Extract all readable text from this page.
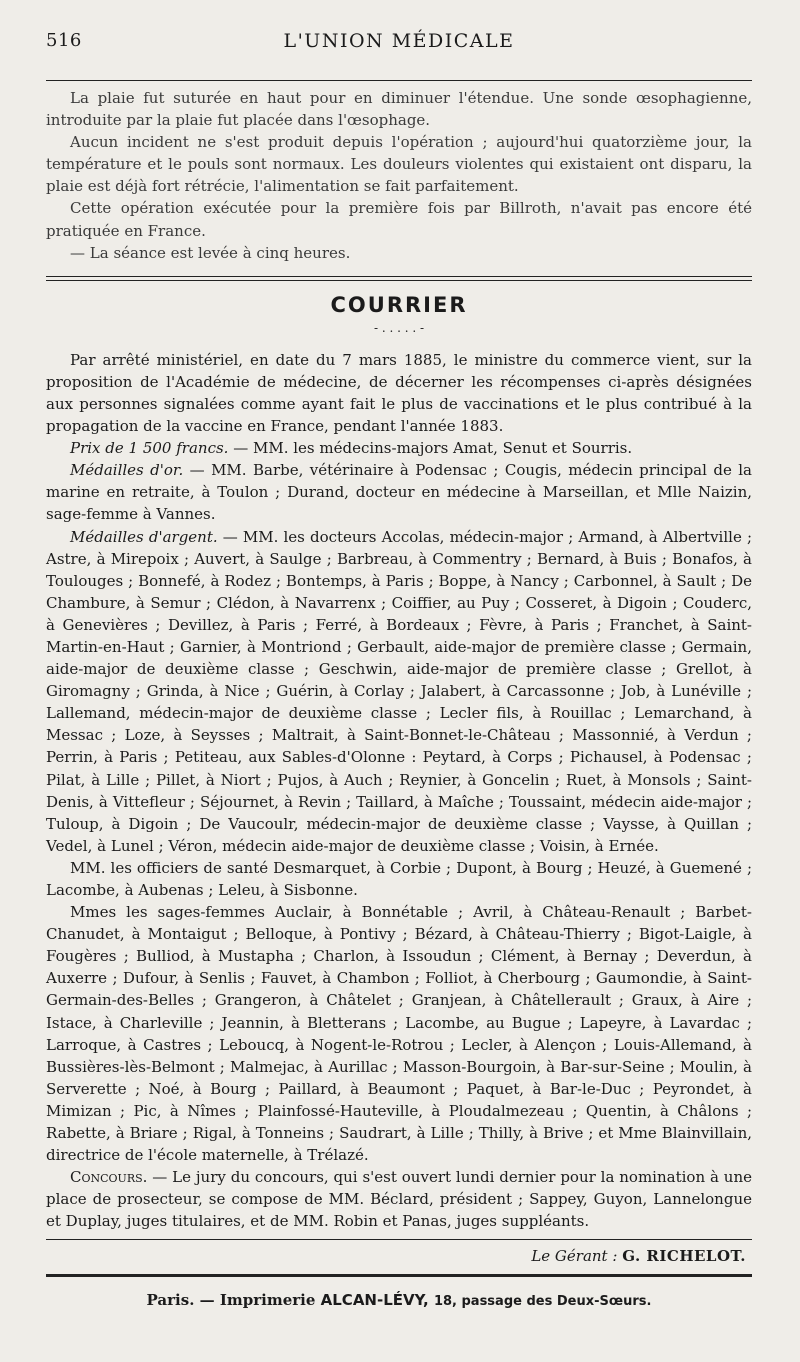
516	L'UNION MÉDICALE

La plaie fut suturée en haut pour en diminuer l'étendue. Une sonde œsophagienne, introduite par la plaie fut placée dans l'œsophage.

Aucun incident ne s'est produit depuis l'opération ; aujourd'hui quatorzième jour, la température et le pouls sont normaux. Les douleurs violentes qui existaient ont disparu, la plaie est déjà fort rétrécie, l'alimentation se fait parfaitement.

Cette opération exécutée pour la première fois par Billroth, n'avait pas encore été pratiquée en France.

— La séance est levée à cinq heures.

COURRIER
- . . . . . -

Par arrêté ministériel, en date du 7 mars 1885, le ministre du commerce vient, sur la proposition de l'Académie de médecine, de décerner les récompenses ci-après désignées aux personnes signalées comme ayant fait le plus de vaccinations et le plus contribué à la propagation de la vaccine en France, pendant l'année 1883.

Prix de 1 500 francs. — MM. les médecins-majors Amat, Senut et Sourris.

Médailles d'or. — MM. Barbe, vétérinaire à Podensac ; Cougis, médecin principal de la marine en retraite, à Toulon ; Durand, docteur en médecine à Marseillan, et Mlle Naizin, sage-femme à Vannes.

Médailles d'argent. — MM. les docteurs Accolas, médecin-major ; Armand, à Albertville ; Astre, à Mirepoix ; Auvert, à Saulge ; Barbreau, à Commentry ; Bernard, à Buis ; Bonafos, à Toulouges ; Bonnefé, à Rodez ; Bontemps, à Paris ; Boppe, à Nancy ; Carbonnel, à Sault ; De Chambure, à Semur ; Clédon, à Navarrenx ; Coiffier, au Puy ; Cosseret, à Digoin ; Couderc, à Genevières ; Devillez, à Paris ; Ferré, à Bordeaux ; Fèvre, à Paris ; Franchet, à Saint-Martin-en-Haut ; Garnier, à Montriond ; Gerbault, aide-major de première classe ; Germain, aide-major de deuxième classe ; Geschwin, aide-major de première classe ; Grellot, à Giromagny ; Grinda, à Nice ; Guérin, à Corlay ; Jalabert, à Carcassonne ; Job, à Lunéville ; Lallemand, médecin-major de deuxième classe ; Lecler fils, à Rouillac ; Lemarchand, à Messac ; Loze, à Seysses ; Maltrait, à Saint-Bonnet-le-Château ; Massonnié, à Verdun ; Perrin, à Paris ; Petiteau, aux Sables-d'Olonne : Peytard, à Corps ; Pichausel, à Podensac ; Pilat, à Lille ; Pillet, à Niort ; Pujos, à Auch ; Reynier, à Goncelin ; Ruet, à Monsols ; Saint-Denis, à Vittefleur ; Séjournet, à Revin ; Taillard, à Maîche ; Toussaint, médecin aide-major ; Tuloup, à Digoin ; De Vaucoulr, médecin-major de deuxième classe ; Vaysse, à Quillan ; Vedel, à Lunel ; Véron, médecin aide-major de deuxième classe ; Voisin, à Ernée.

MM. les officiers de santé Desmarquet, à Corbie ; Dupont, à Bourg ; Heuzé, à Guemené ; Lacombe, à Aubenas ; Leleu, à Sisbonne.

Mmes les sages-femmes Auclair, à Bonnétable ; Avril, à Château-Renault ; Barbet-Chanudet, à Montaigut ; Belloque, à Pontivy ; Bézard, à Château-Thierry ; Bigot-Laigle, à Fougères ; Bulliod, à Mustapha ; Charlon, à Issoudun ; Clément, à Bernay ; Deverdun, à Auxerre ; Dufour, à Senlis ; Fauvet, à Chambon ; Folliot, à Cherbourg ; Gaumondie, à Saint-Germain-des-Belles ; Grangeron, à Châtelet ; Granjean, à Châtellerault ; Graux, à Aire ; Istace, à Charleville ; Jeannin, à Bletterans ; Lacombe, au Bugue ; Lapeyre, à Lavardac ; Larroque, à Castres ; Leboucq, à Nogent-le-Rotrou ; Lecler, à Alençon ; Louis-Allemand, à Bussières-lès-Belmont ; Malmejac, à Aurillac ; Masson-Bourgoin, à Bar-sur-Seine ; Moulin, à Serverette ; Noé, à Bourg ; Paillard, à Beaumont ; Paquet, à Bar-le-Duc ; Peyrondet, à Mimizan ; Pic, à Nîmes ; Plainfossé-Hauteville, à Ploudalmezeau ; Quentin, à Châlons ; Rabette, à Briare ; Rigal, à Tonneins ; Saudrart, à Lille ; Thilly, à Brive ; et Mme Blainvillain, directrice de l'école maternelle, à Trélazé.

Concours. — Le jury du concours, qui s'est ouvert lundi dernier pour la nomination à une place de prosecteur, se compose de MM. Béclard, président ; Sappey, Guyon, Lannelongue et Duplay, juges titulaires, et de MM. Robin et Panas, juges suppléants.

Le Gérant : G. RICHELOT.
Paris. — Imprimerie ALCAN-LÉVY, 18, passage des Deux-Sœurs.
